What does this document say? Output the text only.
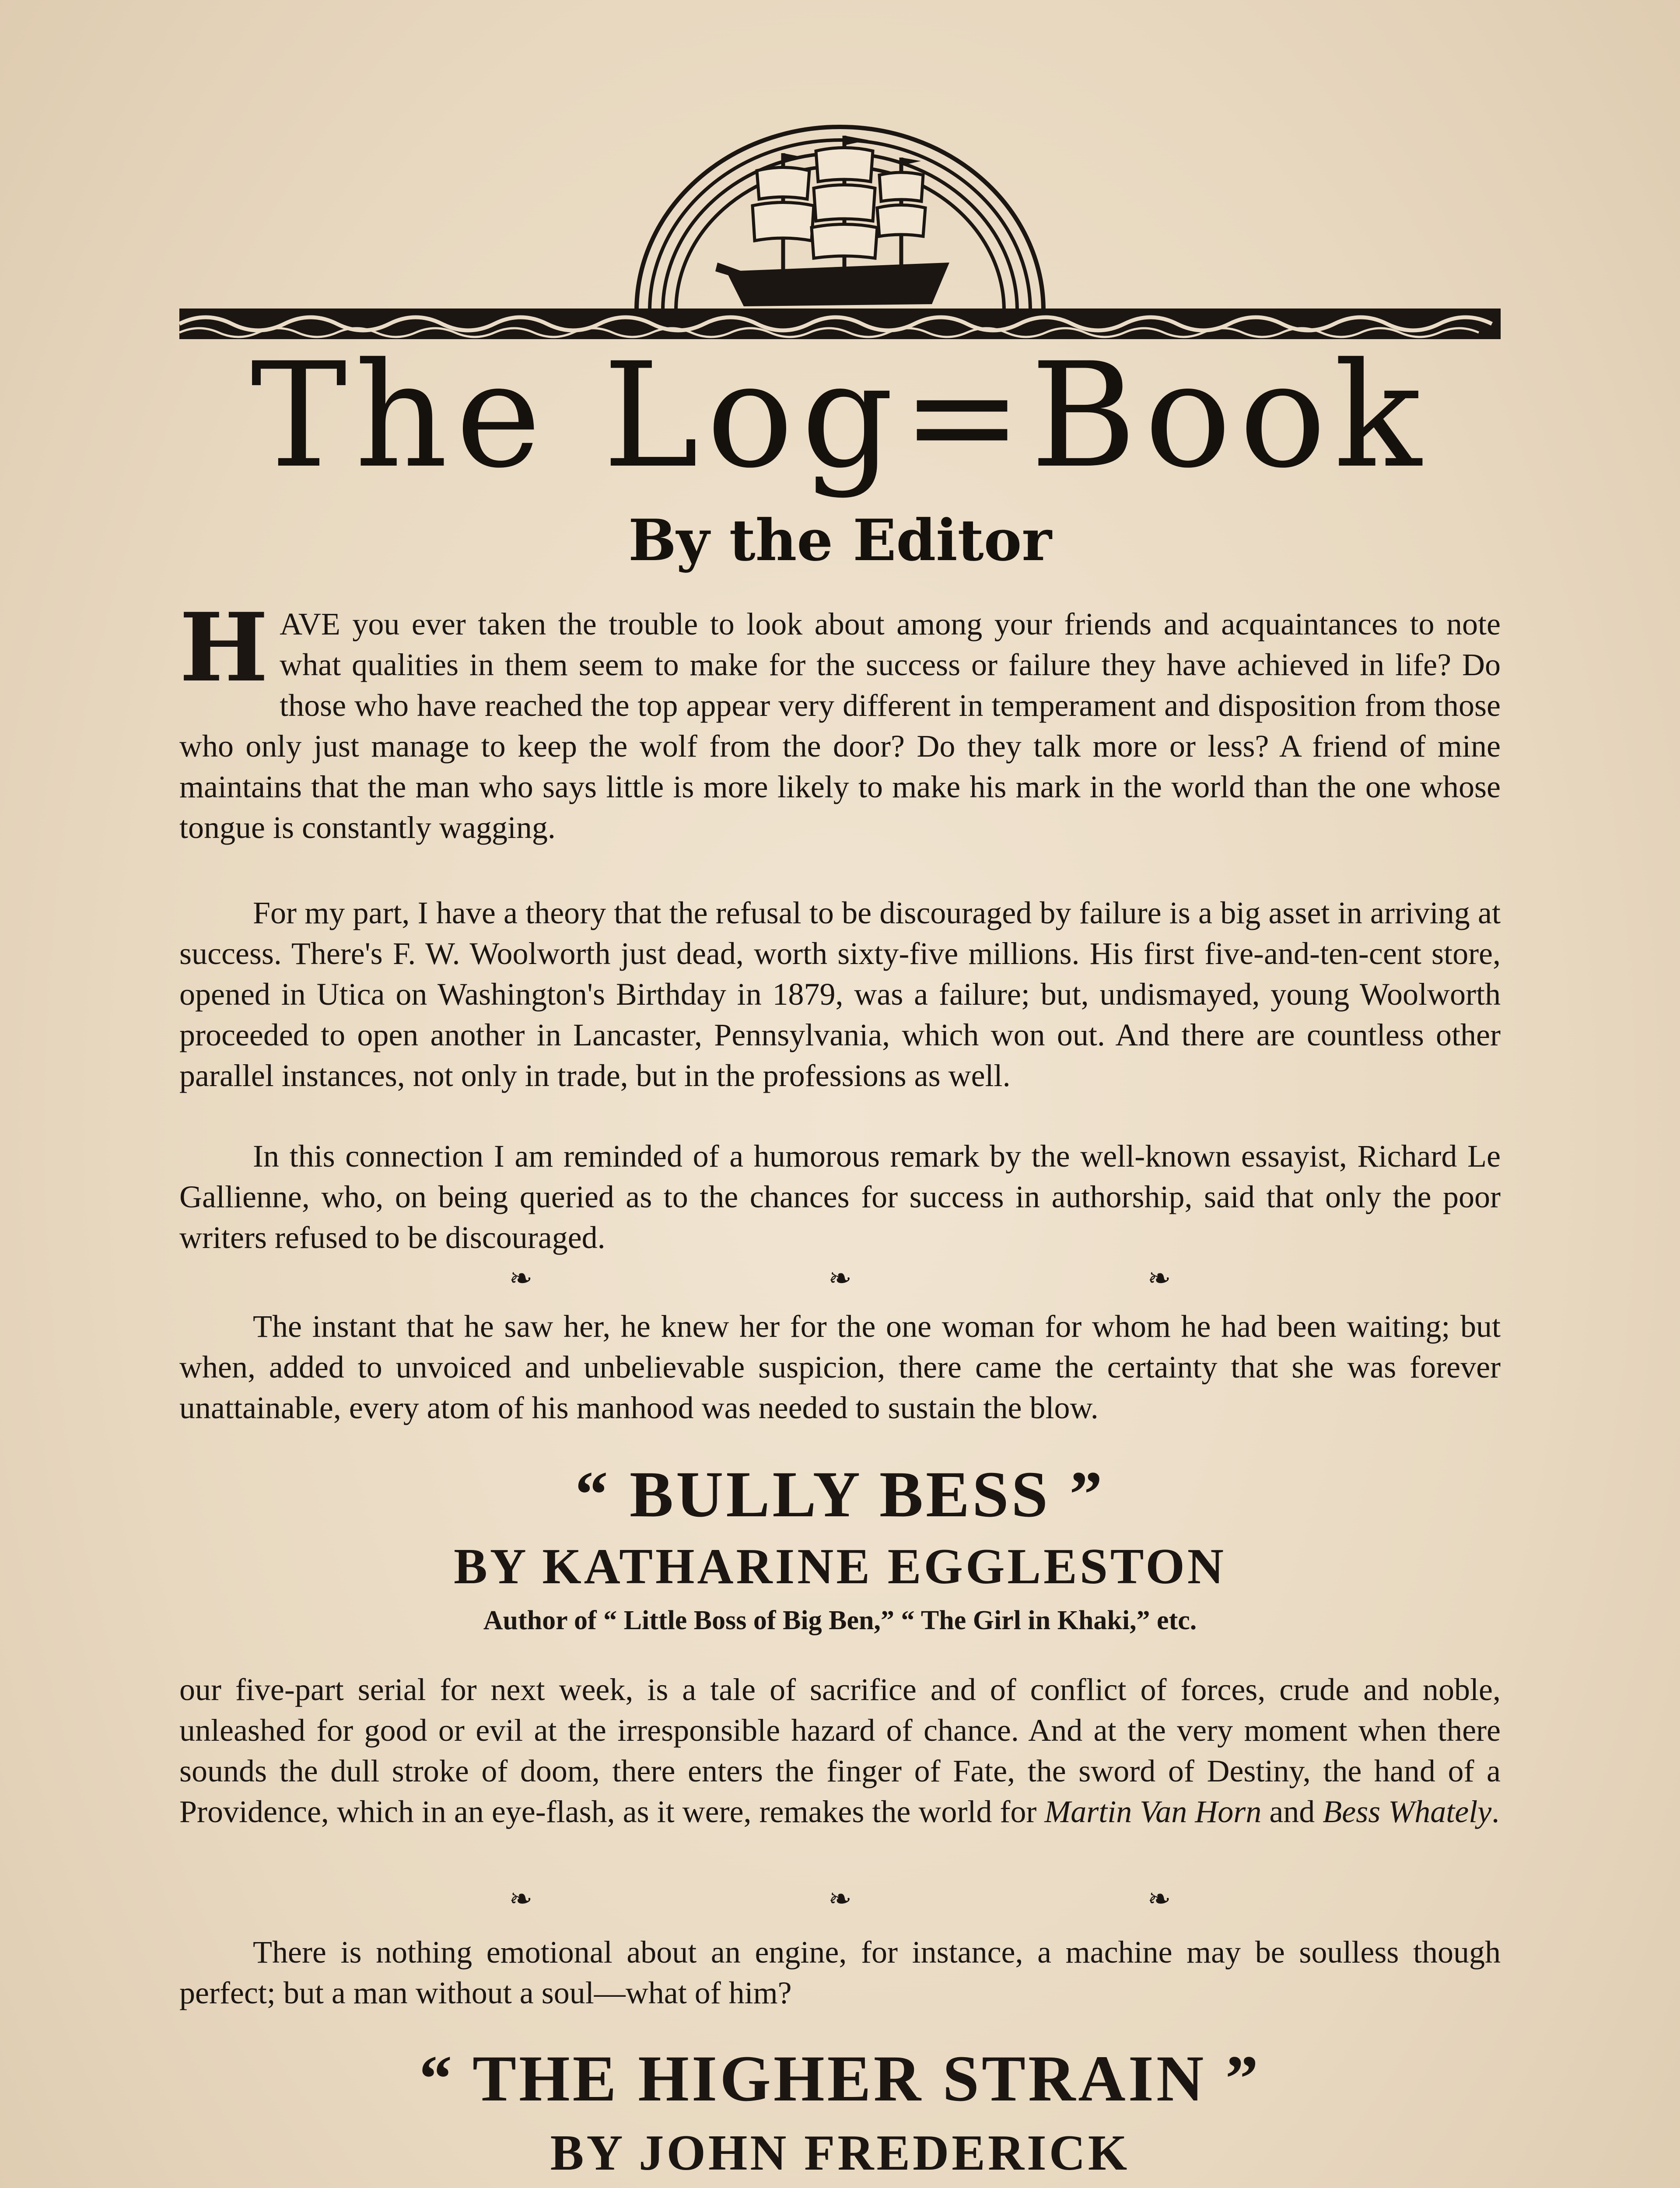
The Log=Book
By the Editor

HAVE you ever taken the trouble to look about among your friends and acquaintances to note what qualities in them seem to make for the success or failure they have achieved in life? Do those who have reached the top appear very different in temperament and disposition from those who only just manage to keep the wolf from the door? Do they talk more or less? A friend of mine maintains that the man who says little is more likely to make his mark in the world than the one whose tongue is constantly wagging.

For my part, I have a theory that the refusal to be discouraged by failure is a big asset in arriving at success. There's F. W. Woolworth just dead, worth sixty-five millions. His first five-and-ten-cent store, opened in Utica on Washington's Birthday in 1879, was a failure; but, undismayed, young Woolworth proceeded to open another in Lancaster, Pennsylvania, which won out. And there are countless other parallel instances, not only in trade, but in the professions as well.

In this connection I am reminded of a humorous remark by the well-known essayist, Richard Le Gallienne, who, on being queried as to the chances for success in authorship, said that only the poor writers refused to be discouraged.

❧ ❧ ❧

The instant that he saw her, he knew her for the one woman for whom he had been waiting; but when, added to unvoiced and unbelievable suspicion, there came the certainty that she was forever unattainable, every atom of his manhood was needed to sustain the blow.

“ BULLY BESS ”
BY KATHARINE EGGLESTON
Author of “ Little Boss of Big Ben,” “ The Girl in Khaki,” etc.

our five-part serial for next week, is a tale of sacrifice and of conflict of forces, crude and noble, unleashed for good or evil at the irresponsible hazard of chance. And at the very moment when there sounds the dull stroke of doom, there enters the finger of Fate, the sword of Destiny, the hand of a Providence, which in an eye-flash, as it were, remakes the world for Martin Van Horn and Bess Whately.

❧ ❧ ❧

There is nothing emotional about an engine, for instance, a machine may be soulless though perfect; but a man without a soul—what of him?

“ THE HIGHER STRAIN ”
BY JOHN FREDERICK
